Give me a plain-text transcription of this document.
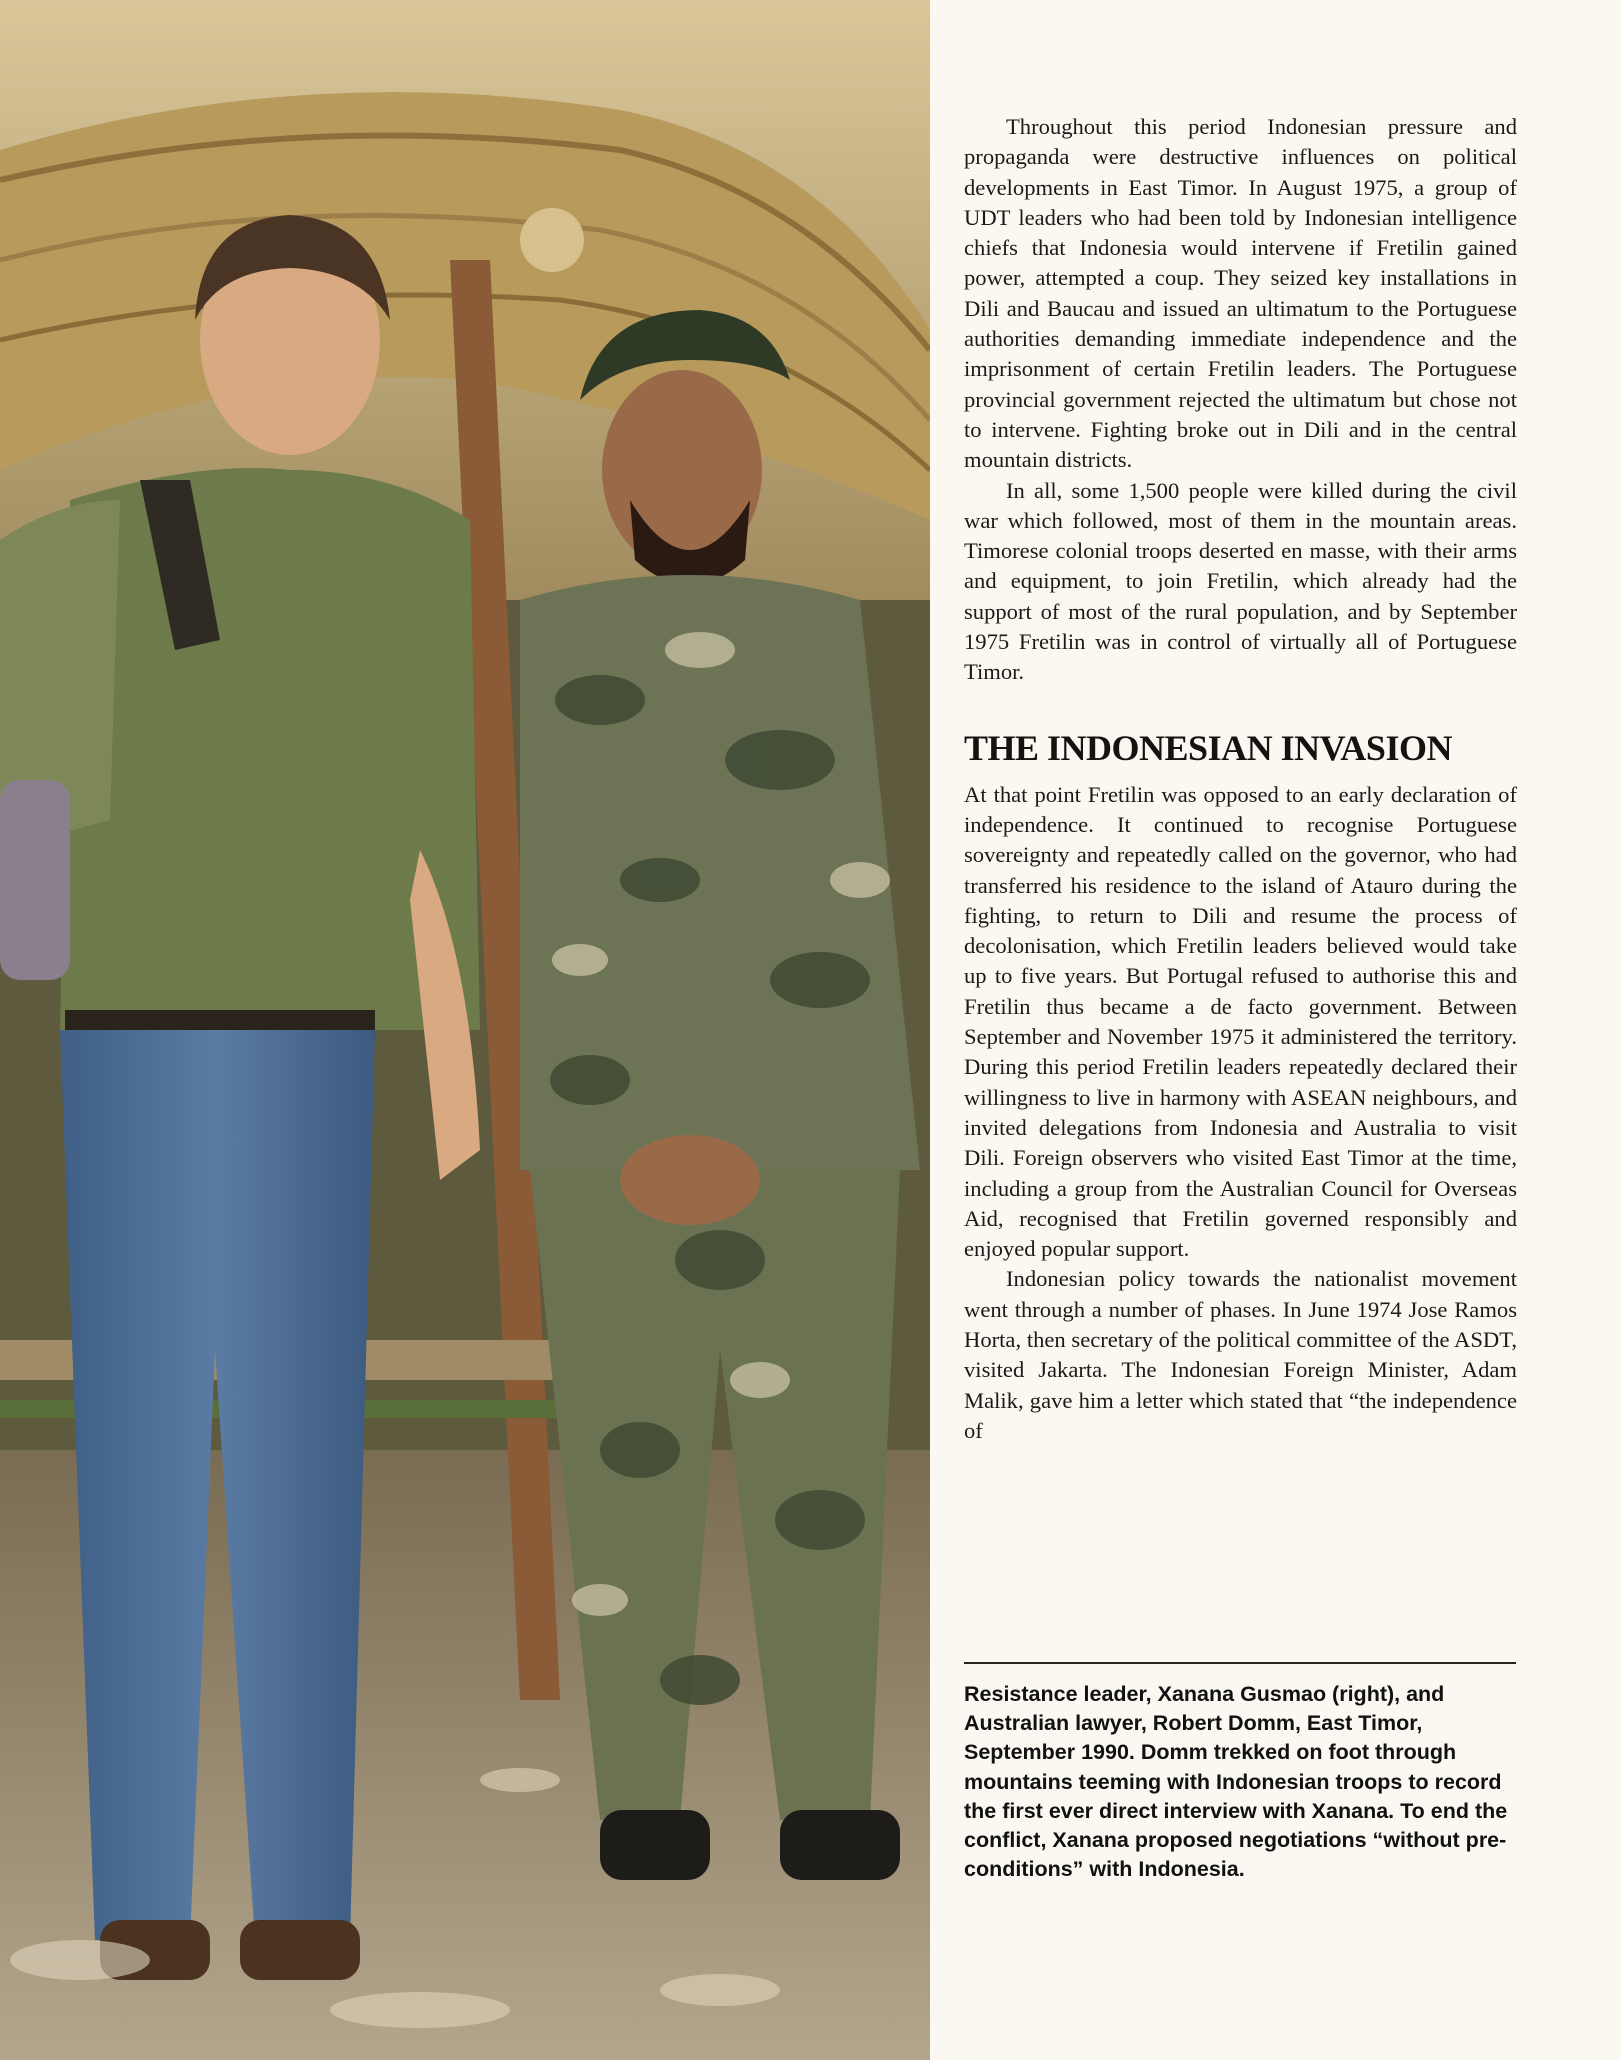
Throughout this period Indonesian pressure and propaganda were destructive influences on political developments in East Timor. In August 1975, a group of UDT leaders who had been told by Indonesian intelligence chiefs that Indonesia would intervene if Fretilin gained power, attempted a coup. They seized key installations in Dili and Baucau and issued an ultimatum to the Portuguese authorities demanding immediate independence and the imprisonment of certain Fretilin leaders. The Portuguese provincial government rejected the ultimatum but chose not to intervene. Fighting broke out in Dili and in the central mountain districts.

In all, some 1,500 people were killed during the civil war which followed, most of them in the mountain areas. Timorese colonial troops deserted en masse, with their arms and equipment, to join Fretilin, which already had the support of most of the rural population, and by September 1975 Fretilin was in control of virtually all of Portuguese Timor.

THE INDONESIAN INVASION

At that point Fretilin was opposed to an early declaration of independence. It continued to recognise Portuguese sovereignty and repeatedly called on the governor, who had transferred his residence to the island of Atauro during the fighting, to return to Dili and resume the process of decolonisation, which Fretilin leaders believed would take up to five years. But Portugal refused to authorise this and Fretilin thus became a de facto government. Between September and November 1975 it administered the territory. During this period Fretilin leaders repeatedly declared their willingness to live in harmony with ASEAN neighbours, and invited delegations from Indonesia and Australia to visit Dili. Foreign observers who visited East Timor at the time, including a group from the Australian Council for Overseas Aid, recognised that Fretilin governed responsibly and enjoyed popular support.

Indonesian policy towards the nationalist movement went through a number of phases. In June 1974 Jose Ramos Horta, then secretary of the political committee of the ASDT, visited Jakarta. The Indonesian Foreign Minister, Adam Malik, gave him a letter which stated that “the independence of

Resistance leader, Xanana Gusmao (right), and Australian lawyer, Robert Domm, East Timor, September 1990. Domm trekked on foot through mountains teeming with Indonesian troops to record the first ever direct interview with Xanana. To end the conflict, Xanana proposed negotiations “without pre-conditions” with Indonesia.
